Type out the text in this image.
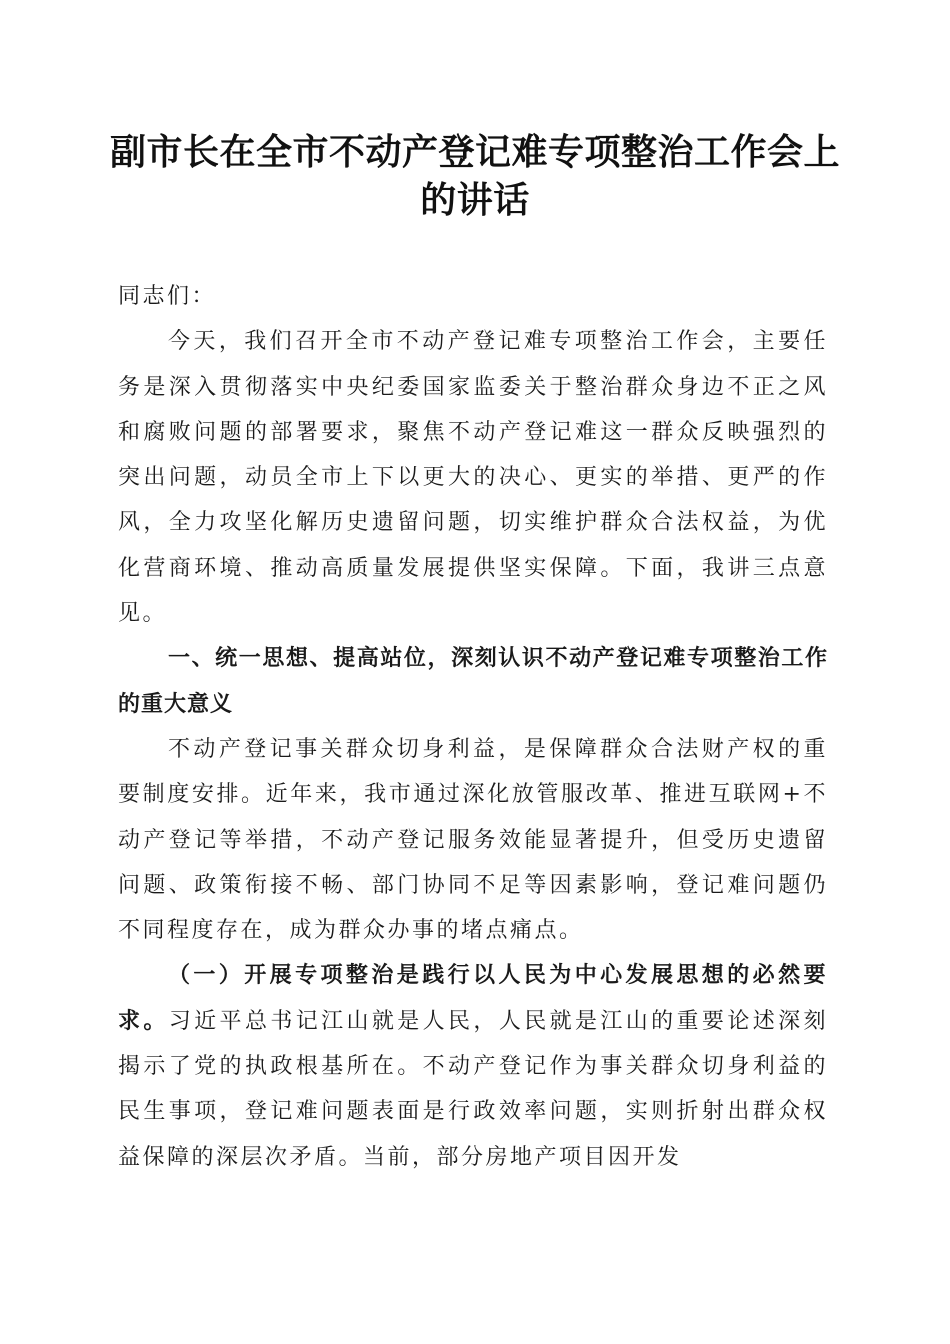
副市长在全市不动产登记难专项整治工作会上的讲话

同志们：

今天，我们召开全市不动产登记难专项整治工作会，主要任务是深入贯彻落实中央纪委国家监委关于整治群众身边不正之风和腐败问题的部署要求，聚焦不动产登记难这一群众反映强烈的突出问题，动员全市上下以更大的决心、更实的举措、更严的作风，全力攻坚化解历史遗留问题，切实维护群众合法权益，为优化营商环境、推动高质量发展提供坚实保障。下面，我讲三点意见。

一、统一思想、提高站位，深刻认识不动产登记难专项整治工作的重大意义

不动产登记事关群众切身利益，是保障群众合法财产权的重要制度安排。近年来，我市通过深化放管服改革、推进互联网+不动产登记等举措，不动产登记服务效能显著提升，但受历史遗留问题、政策衔接不畅、部门协同不足等因素影响，登记难问题仍不同程度存在，成为群众办事的堵点痛点。

（一）开展专项整治是践行以人民为中心发展思想的必然要求。习近平总书记江山就是人民，人民就是江山的重要论述深刻揭示了党的执政根基所在。不动产登记作为事关群众切身利益的民生事项，登记难问题表面是行政效率问题，实则折射出群众权益保障的深层次矛盾。当前，部分房地产项目因开发
